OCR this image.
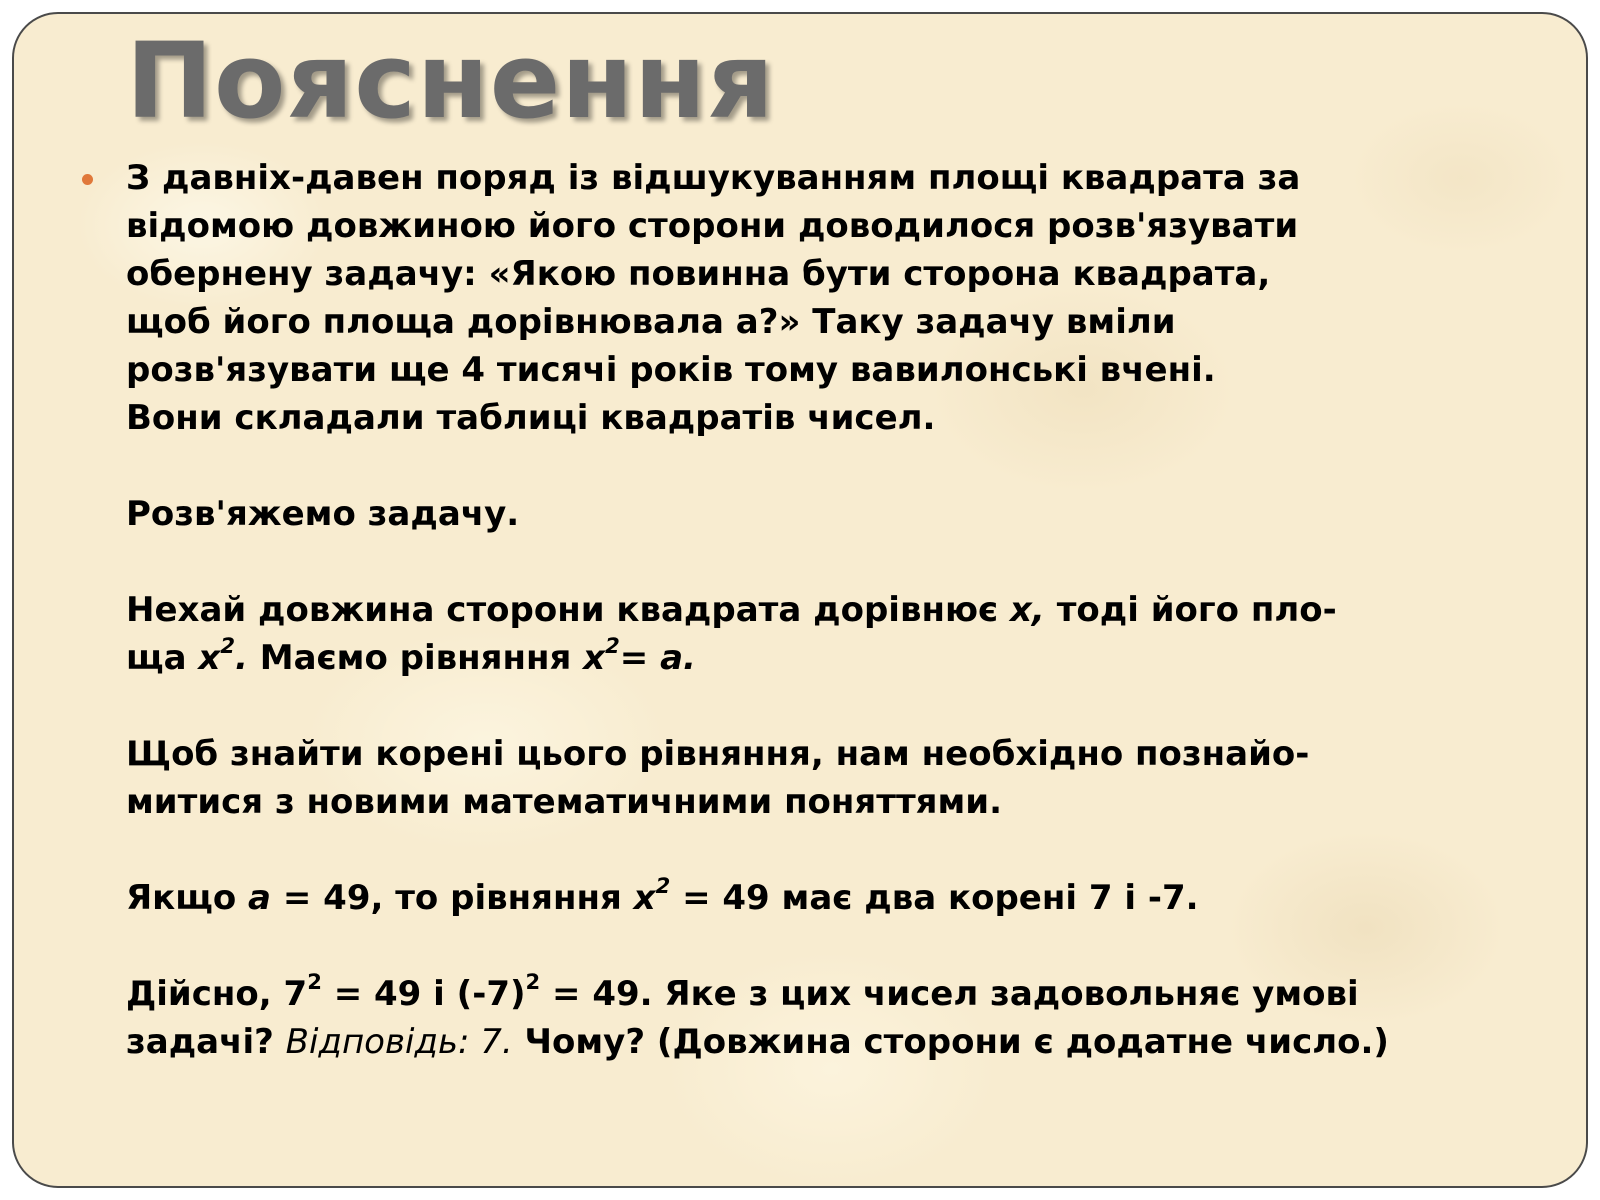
Пояснення

З давніх-давен поряд із відшукуванням площі квадрата за відомою довжиною його сторони доводилося розв'язувати обернену задачу: «Якою повинна бути сторона квадрата, щоб його площа дорівнювала а?» Таку задачу вміли розв'язувати ще 4 тисячі років тому вавилонські вчені. Вони складали таблиці квадратів чисел.

Розв'яжемо задачу.

Нехай довжина сторони квадрата дорівнює x, тоді його пло-
ща $x^2$. Маємо рівняння $x^2= a$.

Щоб знайти корені цього рівняння, нам необхідно познайо-митися з новими математичними поняттями.

Якщо a = 49, то рівняння $x^2 = 49$ має два корені 7 і -7.

Дійсно, $7^2 = 49$ і $(-7)^2 = 49$. Яке з цих чисел задовольняє умові задачі? Відповідь: 7. Чому? (Довжина сторони є додатне число.)
